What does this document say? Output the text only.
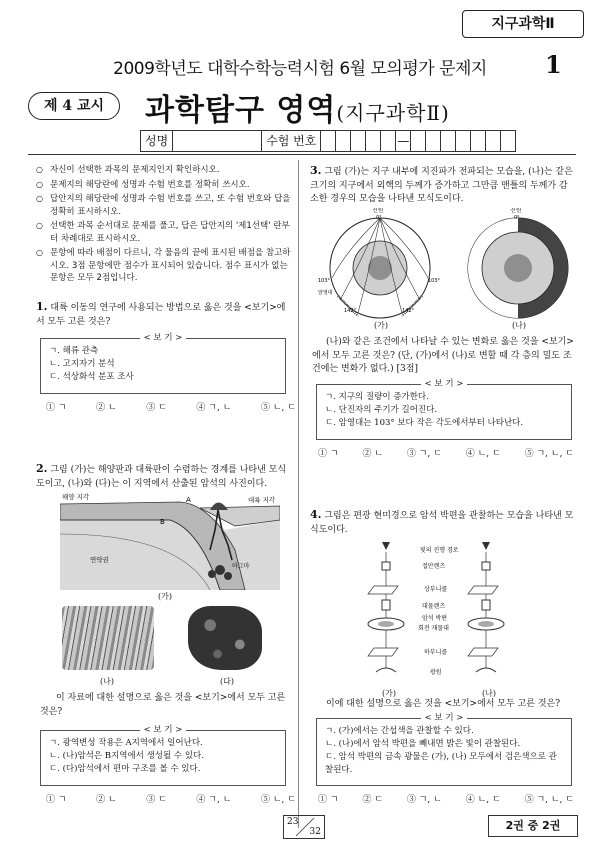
지구과학Ⅱ
2009학년도 대학수학능력시험 6월 모의평가 문제지	1
제 4 교시	과학탐구 영역(지구과학Ⅱ)
성명	수험 번호	—
○ 자신이 선택한 과목의 문제지인지 확인하시오.
○ 문제지의 해당란에 성명과 수험 번호를 정확히 쓰시오.
○ 답안지의 해당란에 성명과 수험 번호를 쓰고, 또 수험 번호와 답을 정확히 표시하시오.
○ 선택한 과목 순서대로 문제를 풀고, 답은 답안지의 '제1선택' 란부터 차례대로 표시하시오.
○ 문항에 따라 배점이 다르니, 각 물음의 끝에 표시된 배점을 참고하시오. 3점 문항에만 점수가 표시되어 있습니다. 점수 표시가 없는 문항은 모두 2점입니다.
1. 대륙 이동의 연구에 사용되는 방법으로 옳은 것을 <보기>에서 모두 고른 것은?
< 보 기 >
ㄱ. 해류 관측
ㄴ. 고지자기 분석
ㄷ. 석상화석 분포 조사
① ㄱ	② ㄴ	③ ㄷ	④ ㄱ, ㄴ	⑤ ㄴ, ㄷ
2. 그림 (가)는 해양판과 대륙판이 수렴하는 경계를 나타낸 모식도이고, (나)와 (다)는 이 지역에서 산출된 암석의 사진이다.
해양 지각	대륙 지각
A
B
연약권
마그마
(가)
(나)	(다)
이 자료에 대한 설명으로 옳은 것을 <보기>에서 모두 고른 것은?
< 보 기 >
ㄱ. 광역변성 작용은 A지역에서 일어난다.
ㄴ. (나)암석은 B지역에서 생성될 수 있다.
ㄷ. (다)암석에서 편마 구조를 볼 수 있다.
① ㄱ	② ㄴ	③ ㄷ	④ ㄱ, ㄴ	⑤ ㄴ, ㄷ
3. 그림 (가)는 지구 내부에 지진파가 전파되는 모습을, (나)는 같은 크기의 지구에서 외핵의 두께가 증가하고 그만큼 맨틀의 두께가 감소한 경우의 모습을 나타낸 모식도이다.
진원
0°
103°	103°
암영대
142°	142°
진원
0°
(가)	(나)
(나)와 같은 조건에서 나타날 수 있는 변화로 옳은 것을 <보기>에서 모두 고른 것은? (단, (가)에서 (나)로 변할 때 각 층의 밀도 조건에는 변화가 없다.) [3점]
< 보 기 >
ㄱ. 지구의 질량이 증가한다.
ㄴ. 단진자의 주기가 길어진다.
ㄷ. 암영대는 103° 보다 작은 각도에서부터 나타난다.
① ㄱ	② ㄴ	③ ㄱ, ㄷ	④ ㄴ, ㄷ	⑤ ㄱ, ㄴ, ㄷ
4. 그림은 편광 현미경으로 암석 박편을 관찰하는 모습을 나타낸 모식도이다.
빛의 진행 경로
접안렌즈
상부니콜
대물렌즈
암석 박편
회전 재물대
하부니콜
광원
(가)	(나)
이에 대한 설명으로 옳은 것을 <보기>에서 모두 고른 것은?
< 보 기 >
ㄱ. (가)에서는 간섭색을 관찰할 수 있다.
ㄴ. (나)에서 암석 박편을 빼내면 밝은 빛이 관찰된다.
ㄷ. 암석 박편의 금속 광물은 (가), (나) 모두에서 검은색으로 관찰된다.
① ㄱ	② ㄷ	③ ㄱ, ㄴ	④ ㄴ, ㄷ	⑤ ㄱ, ㄴ, ㄷ
23
32	2권 중 2권
